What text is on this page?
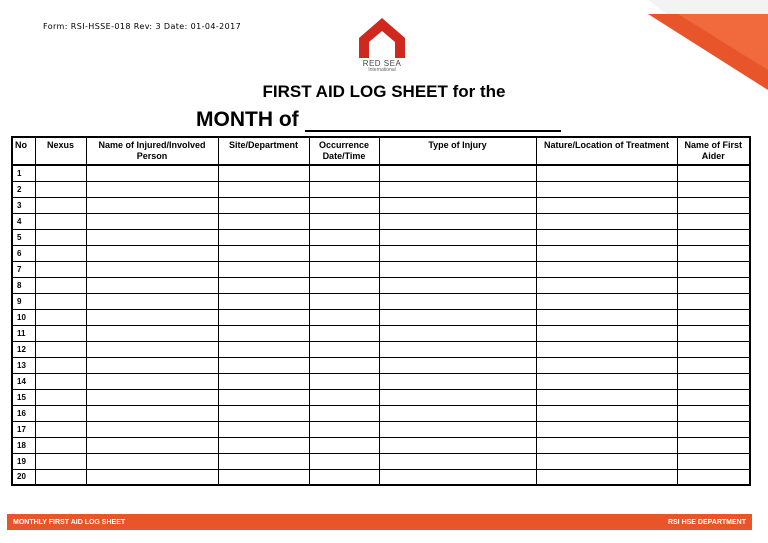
Form: RSI-HSSE-018 Rev: 3 Date: 01-04-2017
RED SEA
International
FIRST AID LOG SHEET for the
MONTH of
No	Nexus	Name of Injured/Involved Person	Site/Department	Occurrence Date/Time	Type of Injury	Nature/Location of Treatment	Name of First Aider
1							
2							
3							
4							
5							
6							
7							
8							
9							
10							
11							
12							
13							
14							
15							
16							
17							
18							
19							
20							
MONTHLY FIRST AID LOG SHEET	RSI HSE DEPARTMENT
